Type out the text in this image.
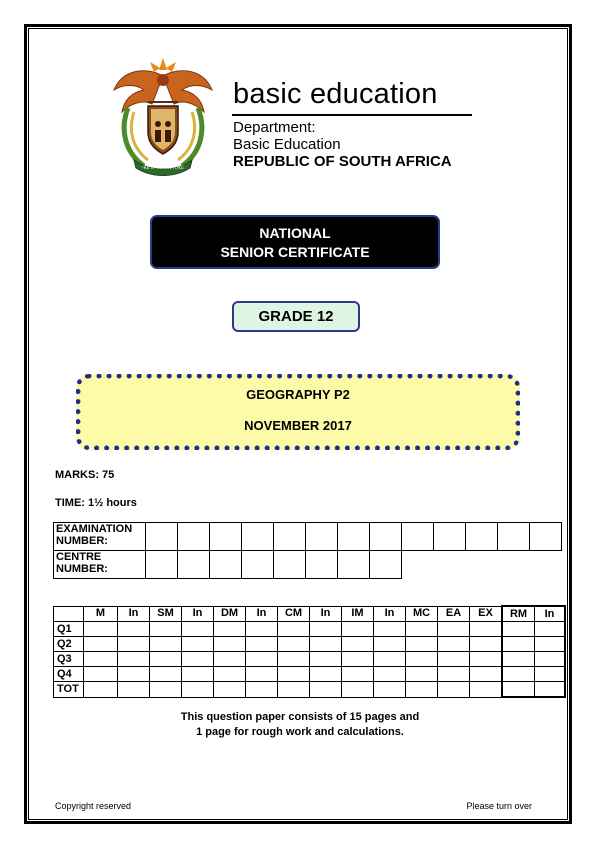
!KE E: /XARRA //KE
basic education
Department:
Basic Education
REPUBLIC OF SOUTH AFRICA
NATIONAL
SENIOR CERTIFICATE
GRADE 12
GEOGRAPHY P2
NOVEMBER 2017
MARKS: 75
TIME: 1½ hours
EXAMINATION
NUMBER:													
CENTRE
NUMBER:													
	M	In	SM	In	DM	In	CM	In	IM	In	MC	EA	EX	RM	In
Q1															
Q2															
Q3															
Q4															
TOT															
This question paper consists of 15 pages and
1 page for rough work and calculations.
Copyright reserved	Please turn over
